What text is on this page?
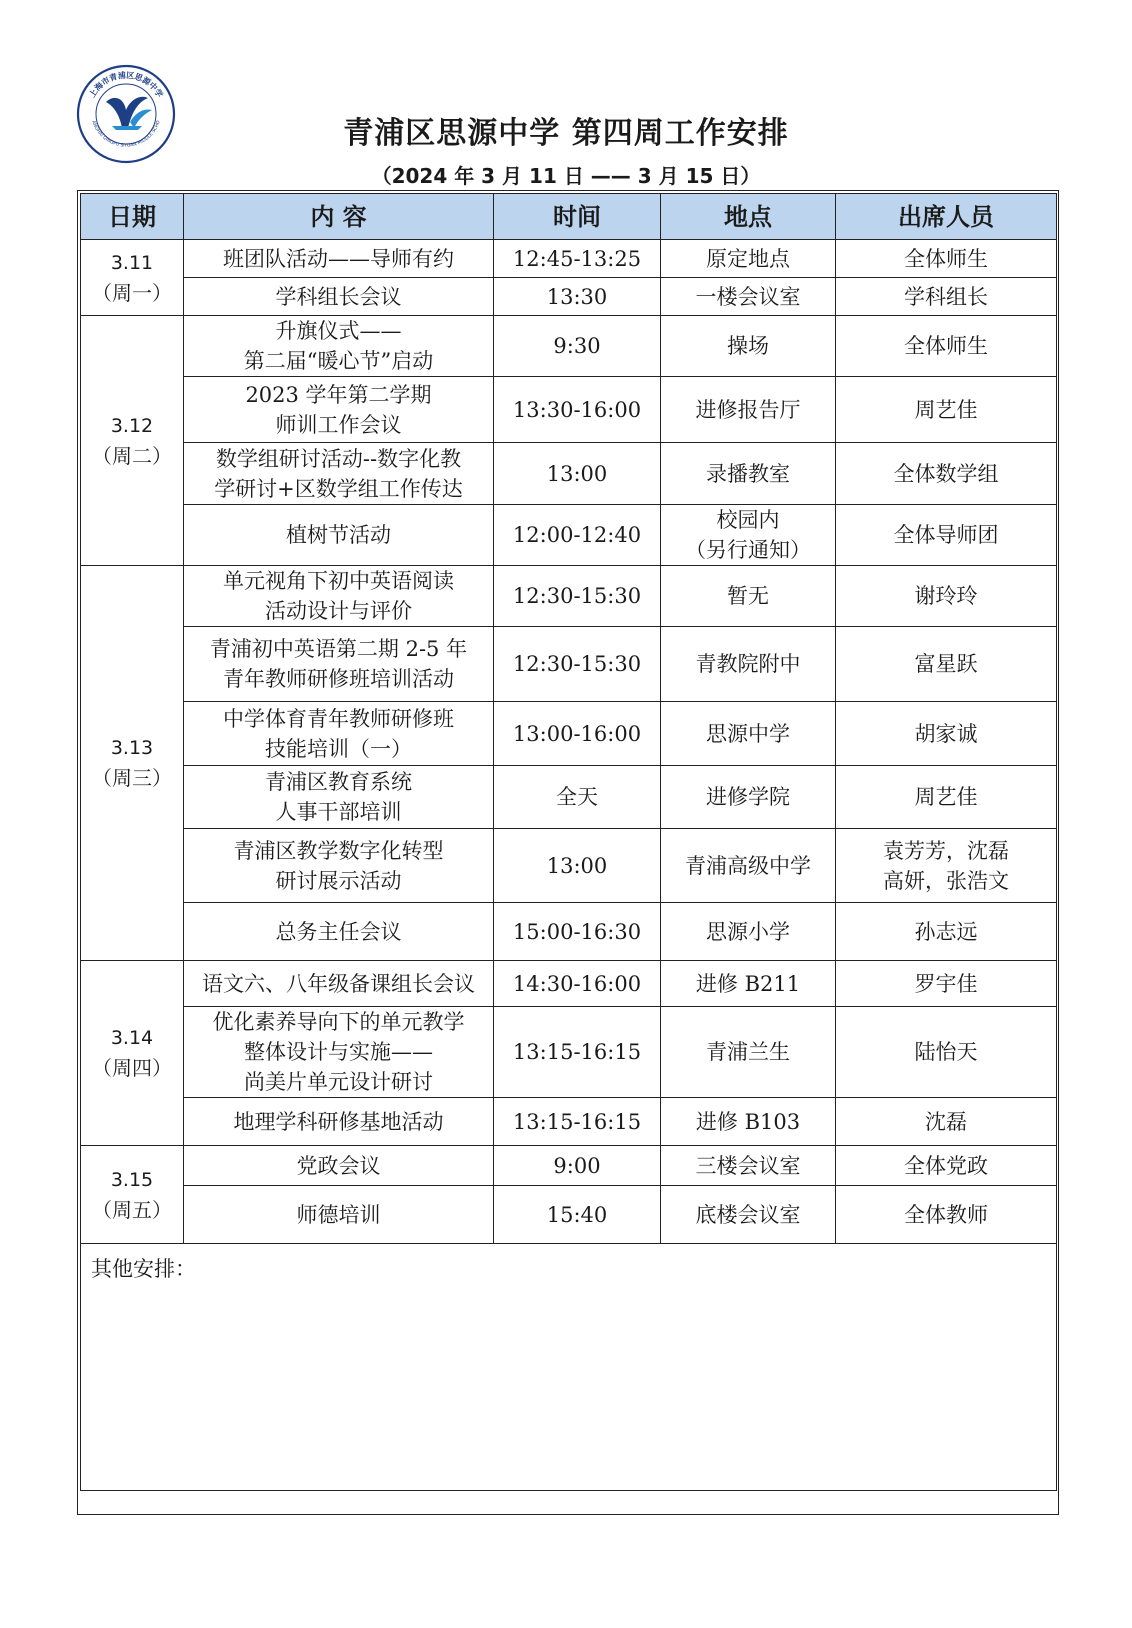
上海市青浦区思源中学
ANGHAI QINGPU SIYUAN MIDDLE SCHO	青浦区思源中学 第四周工作安排

（2024 年 3 月 11 日 —— 3 月 15 日）

日期	内 容	时间	地点	出席人员

3.11
（周一）	班团队活动——导师有约	12:45-13:25	原定地点	全体师生

	学科组长会议	13:30	一楼会议室	学科组长

3.12
（周二）	升旗仪式——
第二届“暖心节”启动	9:30	操场	全体师生

	2023 学年第二学期
师训工作会议	13:30-16:00	进修报告厅	周艺佳

	数学组研讨活动--数字化教
学研讨+区数学组工作传达	13:00	录播教室	全体数学组

	植树节活动	12:00-12:40	校园内
（另行通知）	全体导师团

3.13
（周三）	单元视角下初中英语阅读
活动设计与评价	12:30-15:30	暂无	谢玲玲

	青浦初中英语第二期 2-5 年
青年教师研修班培训活动	12:30-15:30	青教院附中	富星跃

	中学体育青年教师研修班
技能培训（一）	13:00-16:00	思源中学	胡家诚

	青浦区教育系统
人事干部培训	全天	进修学院	周艺佳

	青浦区教学数字化转型
研讨展示活动	13:00	青浦高级中学	袁芳芳，沈磊
高妍，张浩文

	总务主任会议	15:00-16:30	思源小学	孙志远

3.14
（周四）	语文六、八年级备课组长会议	14:30-16:00	进修 B211	罗宇佳

	优化素养导向下的单元教学
整体设计与实施——
尚美片单元设计研讨	13:15-16:15	青浦兰生	陆怡天

	地理学科研修基地活动	13:15-16:15	进修 B103	沈磊

3.15
（周五）	党政会议	9:00	三楼会议室	全体党政

	师德培训	15:40	底楼会议室	全体教师

其他安排：				
